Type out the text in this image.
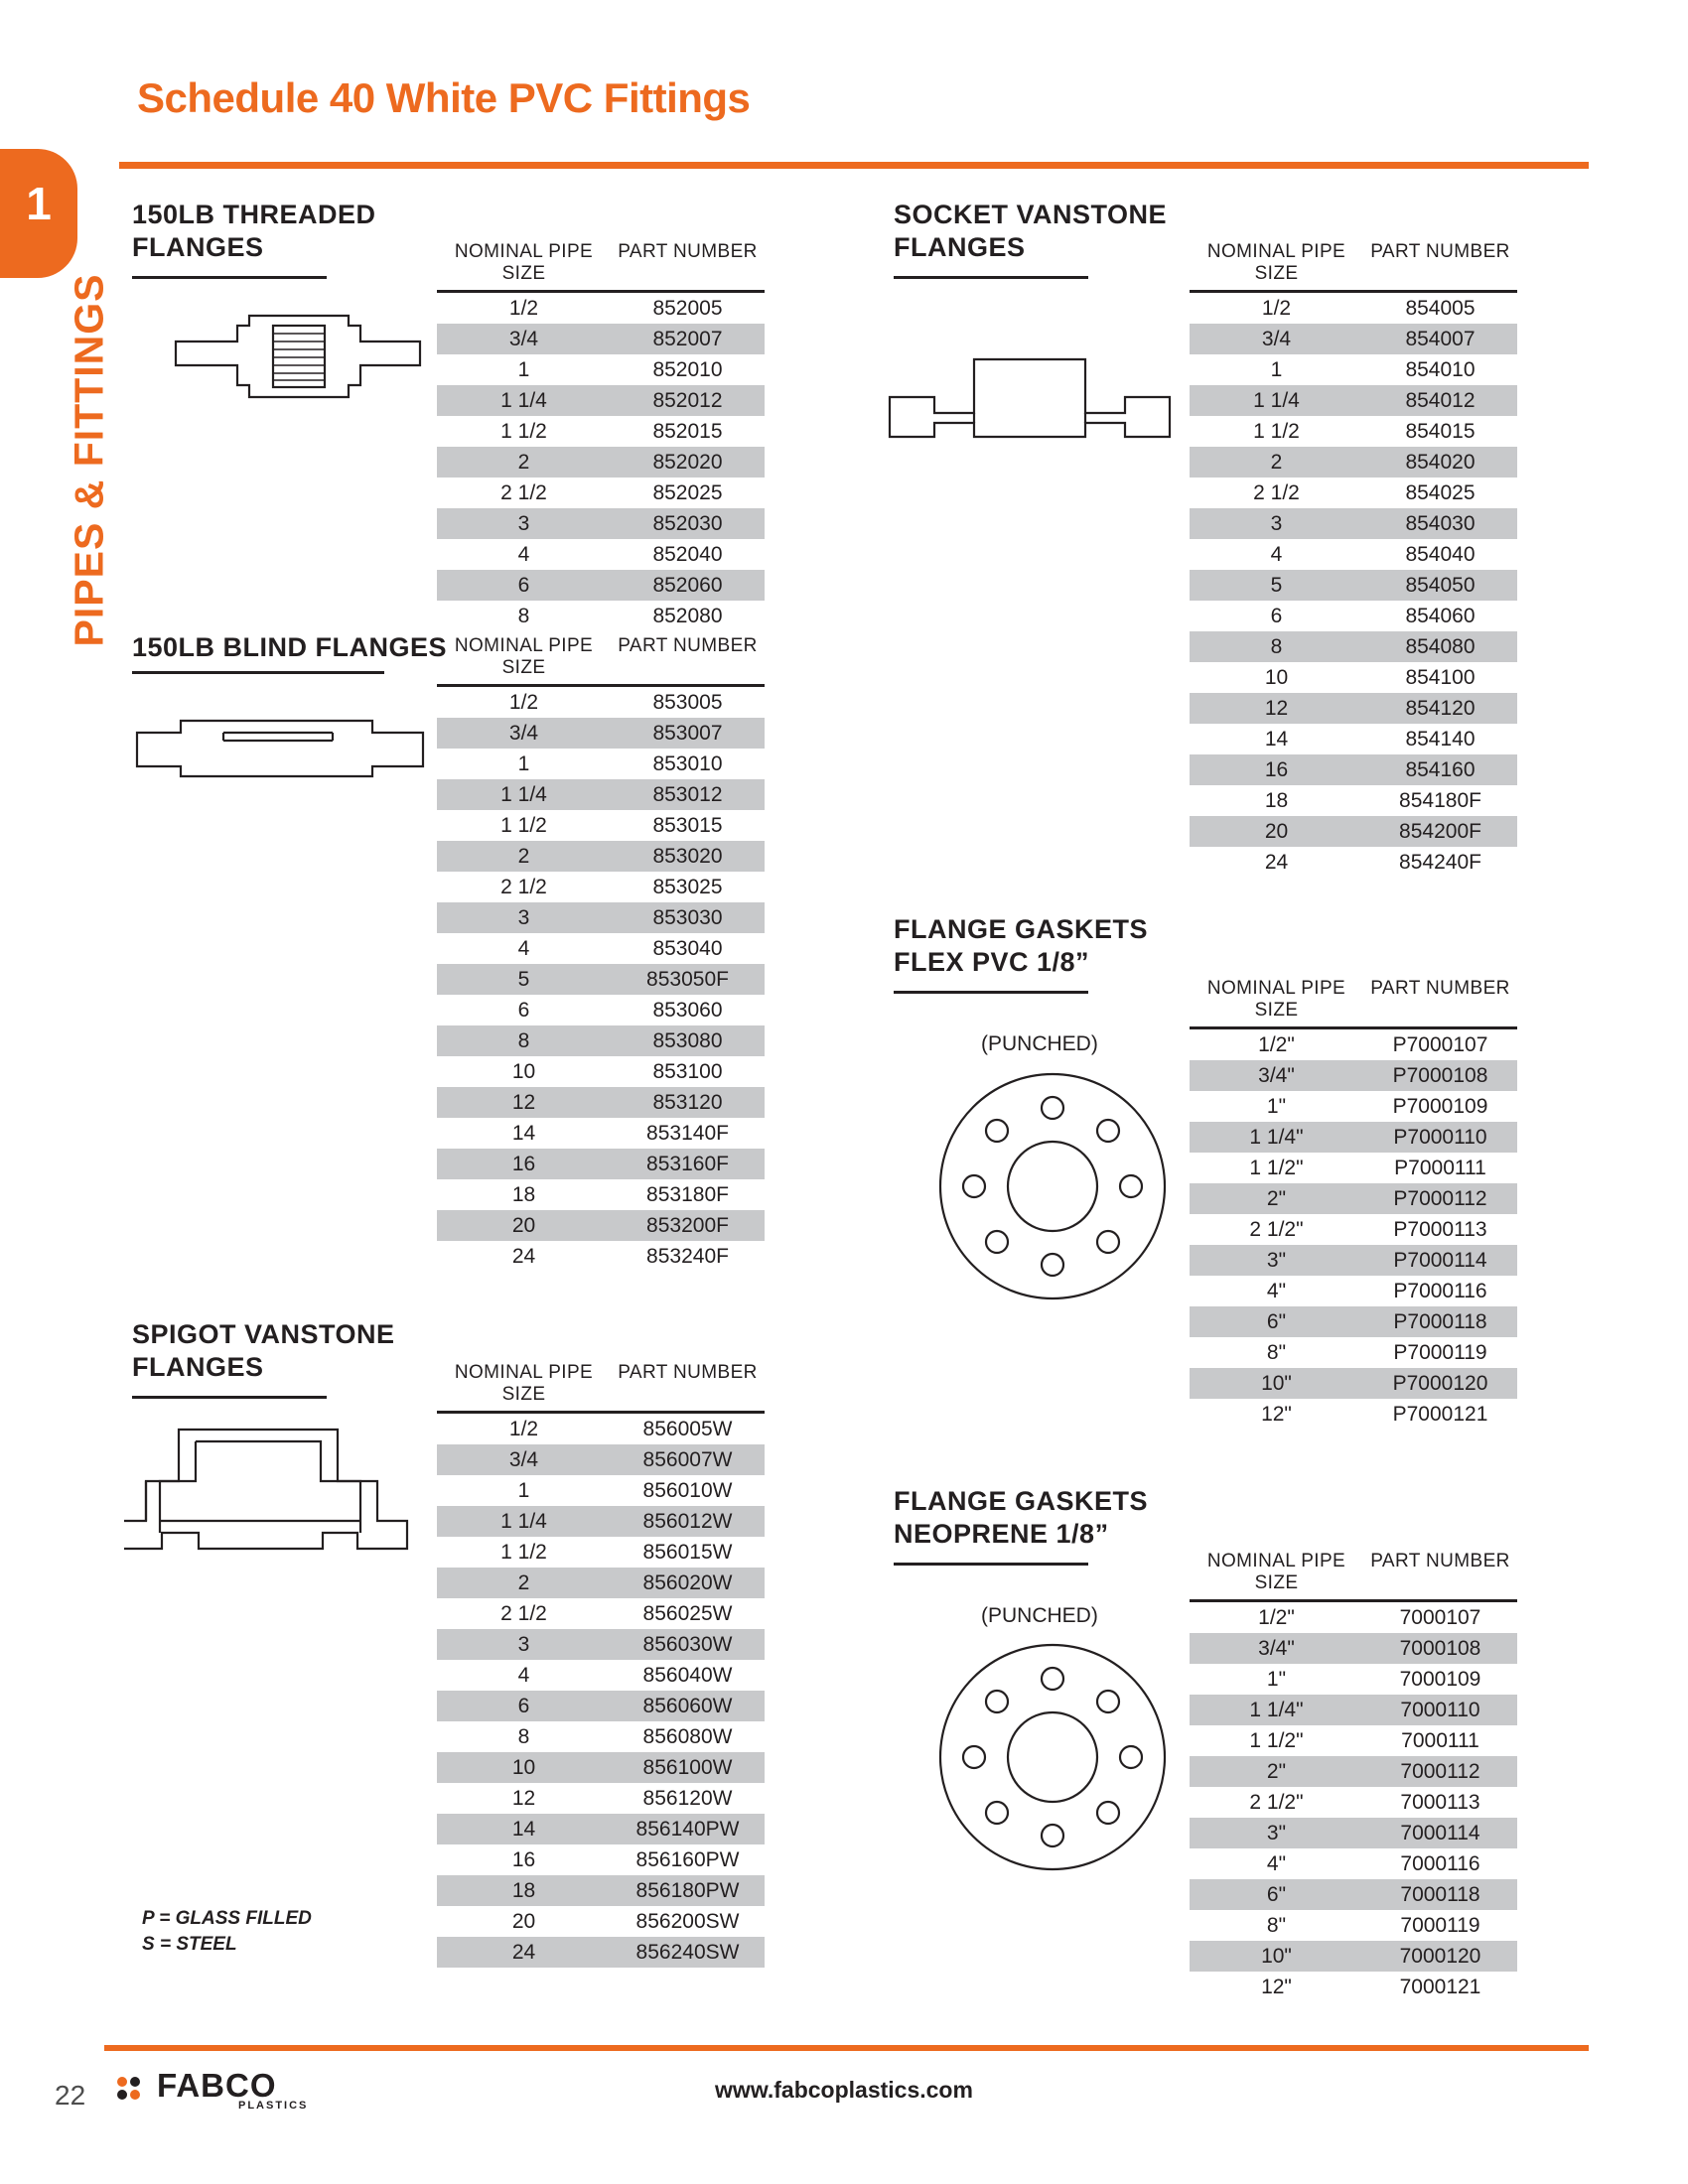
1
PIPES & FITTINGS
Schedule 40 White PVC Fittings
150LB THREADED
FLANGES	NOMINAL PIPE SIZE
PART NUMBER
1/2	852005
3/4	852007
1	852010
1 1/4	852012
1 1/2	852015
2	852020
2 1/2	852025
3	852030
4	852040
6	852060
8	852080
150LB BLIND FLANGES NOMINAL PIPE SIZE
PART NUMBER
1/2	853005
3/4	853007
1	853010
1 1/4	853012
1 1/2	853015
2	853020
2 1/2	853025
3	853030
4	853040
5	853050F
6	853060
8	853080
10	853100
12	853120
14	853140F
16	853160F
18	853180F
20	853200F
24	853240F
SPIGOT VANSTONE
FLANGES
P = GLASS FILLED
S = STEEL
NOMINAL PIPE SIZE
PART NUMBER
1/2	856005W
3/4	856007W
1	856010W
1 1/4	856012W
1 1/2	856015W
2	856020W
2 1/2	856025W
3	856030W
4	856040W
6	856060W
8	856080W
10	856100W
12	856120W
14	856140PW
16	856160PW
18	856180PW
20	856200SW
24	856240SW
SOCKET VANSTONE
FLANGES	NOMINAL PIPE SIZE
PART NUMBER
1/2	854005
3/4	854007
1	854010
1 1/4	854012
1 1/2	854015
2	854020
2 1/2	854025
3	854030
4	854040
5	854050
6	854060
8	854080
10	854100
12	854120
14	854140
16	854160
18	854180F
20	854200F
24	854240F
FLANGE GASKETS
FLEX PVC 1/8”
(PUNCHED)
NOMINAL PIPE SIZE
PART NUMBER
1/2"	P7000107
3/4"	P7000108
1"	P7000109
1 1/4"	P7000110
1 1/2"	P7000111
2"	P7000112
2 1/2"	P7000113
3"	P7000114
4"	P7000116
6"	P7000118
8"	P7000119
10"	P7000120
12"	P7000121
FLANGE GASKETS
NEOPRENE 1/8”
(PUNCHED)
NOMINAL PIPE SIZE
PART NUMBER
1/2"	7000107
3/4"	7000108
1"	7000109
1 1/4"	7000110
1 1/2"	7000111
2"	7000112
2 1/2"	7000113
3"	7000114
4"	7000116
6"	7000118
8"	7000119
10"	7000120
12"	7000121
22 FABCO
PLASTICS
www.fabcoplastics.com
